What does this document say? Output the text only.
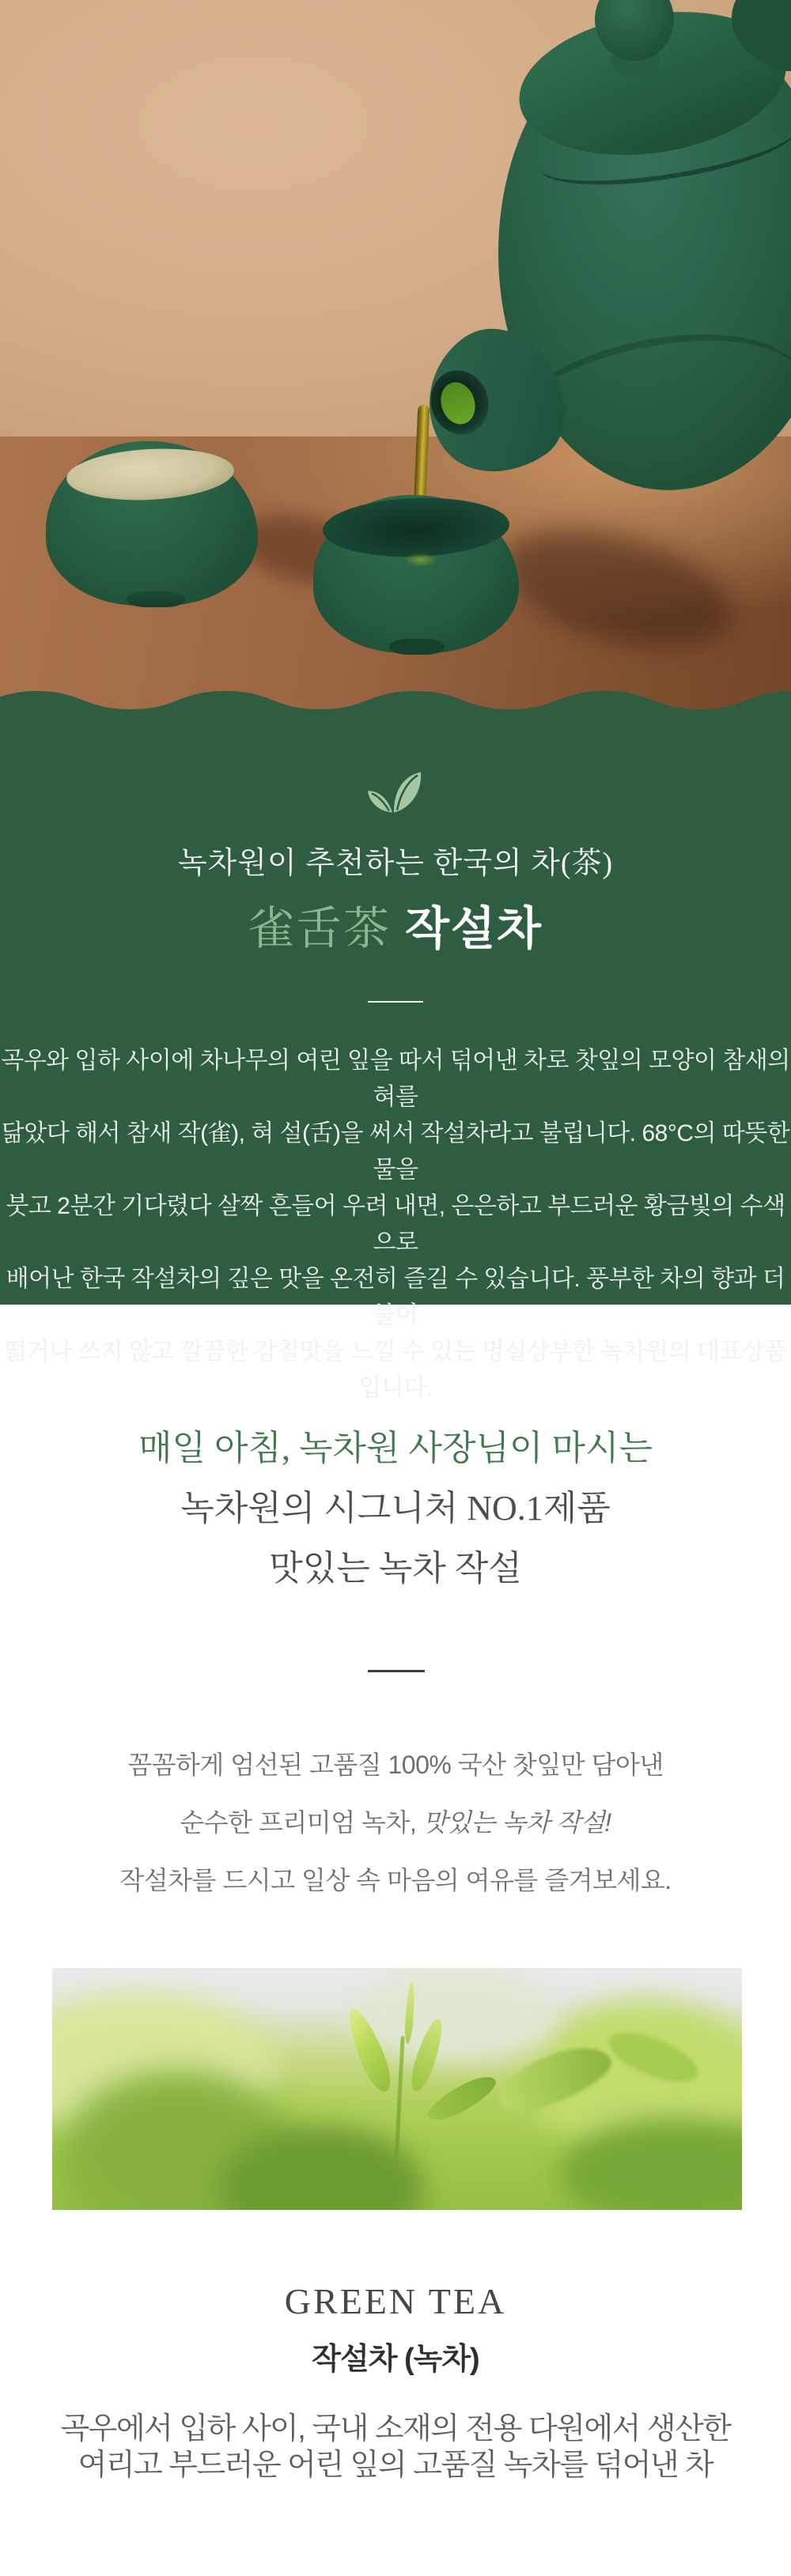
녹차원이 추천하는 한국의 차(茶)
雀舌茶 작설차
곡우와 입하 사이에 차나무의 여린 잎을 따서 덖어낸 차로 찻잎의 모양이 참새의 혀를
닮았다 해서 참새 작(雀), 혀 설(舌)을 써서 작설차라고 불립니다. 68°C의 따뜻한 물을
붓고 2분간 기다렸다 살짝 흔들어 우려 내면, 은은하고 부드러운 황금빛의 수색으로
배어난 한국 작설차의 깊은 맛을 온전히 즐길 수 있습니다. 풍부한 차의 향과 더불어
떫거나 쓰지 않고 깔끔한 감칠맛을 느낄 수 있는 명실상부한 녹차원의 대표상품입니다.
매일 아침, 녹차원 사장님이 마시는
녹차원의 시그니처 NO.1제품
맛있는 녹차 작설
꼼꼼하게 엄선된 고품질 100% 국산 찻잎만 담아낸
순수한 프리미엄 녹차, 맛있는 녹차 작설!
작설차를 드시고 일상 속 마음의 여유를 즐겨보세요.
GREEN TEA
작설차 (녹차)
곡우에서 입하 사이, 국내 소재의 전용 다원에서 생산한
여리고 부드러운 어린 잎의 고품질 녹차를 덖어낸 차
